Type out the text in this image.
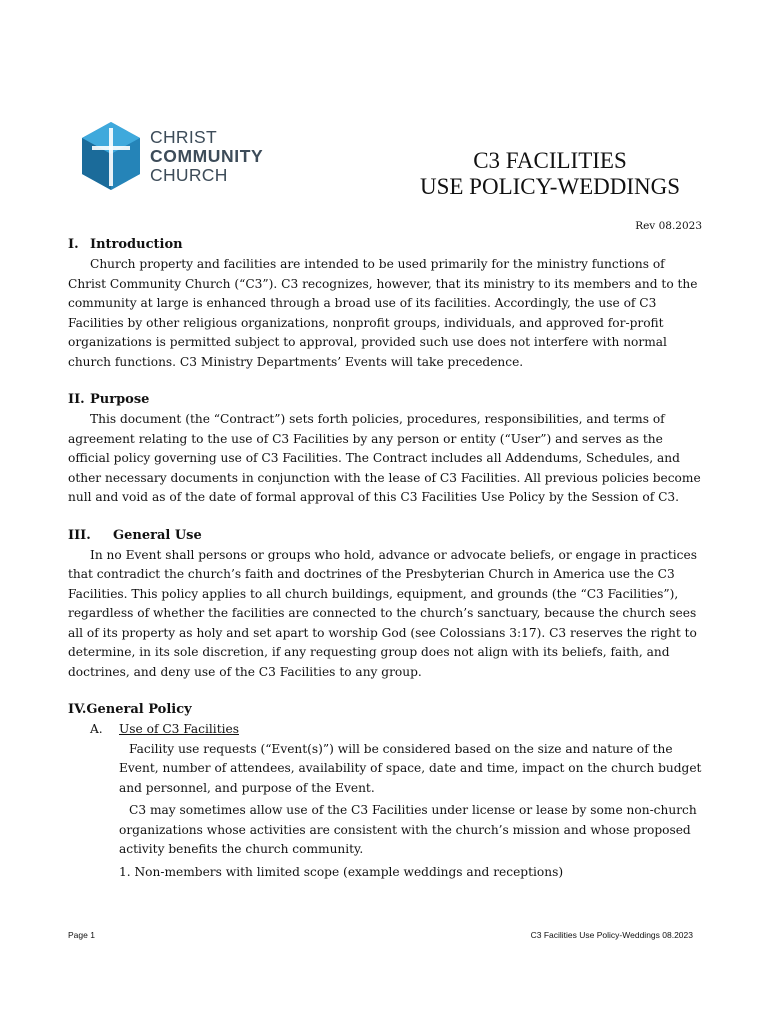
CHRIST
COMMUNITY
CHURCH
C3 FACILITIES
USE POLICY-WEDDINGS
Rev 08.2023

I. Introduction

Church property and facilities are intended to be used primarily for the ministry functions of Christ Community Church (“C3”). C3 recognizes, however, that its ministry to its members and to the community at large is enhanced through a broad use of its facilities. Accordingly, the use of C3 Facilities by other religious organizations, nonprofit groups, individuals, and approved for-profit organizations is permitted subject to approval, provided such use does not interfere with normal church functions. C3 Ministry Departments’ Events will take precedence.

II. Purpose

This document (the “Contract”) sets forth policies, procedures, responsibilities, and terms of agreement relating to the use of C3 Facilities by any person or entity (“User”) and serves as the official policy governing use of C3 Facilities. The Contract includes all Addendums, Schedules, and other necessary documents in conjunction with the lease of C3 Facilities. All previous policies become null and void as of the date of formal approval of this C3 Facilities Use Policy by the Session of C3.

III. General Use

In no Event shall persons or groups who hold, advance or advocate beliefs, or engage in practices that contradict the church’s faith and doctrines of the Presbyterian Church in America use the C3 Facilities. This policy applies to all church buildings, equipment, and grounds (the “C3 Facilities”), regardless of whether the facilities are connected to the church’s sanctuary, because the church sees all of its property as holy and set apart to worship God (see Colossians 3:17). C3 reserves the right to determine, in its sole discretion, if any requesting group does not align with its beliefs, faith, and doctrines, and deny use of the C3 Facilities to any group.

IV.General Policy

A. Use of C3 Facilities

Facility use requests (“Event(s)”) will be considered based on the size and nature of the Event, number of attendees, availability of space, date and time, impact on the church budget and personnel, and purpose of the Event.

C3 may sometimes allow use of the C3 Facilities under license or lease by some non-church organizations whose activities are consistent with the church’s mission and whose proposed activity benefits the church community.

1. Non-members with limited scope (example weddings and receptions)
Page 1	C3 Facilities Use Policy-Weddings 08.2023
